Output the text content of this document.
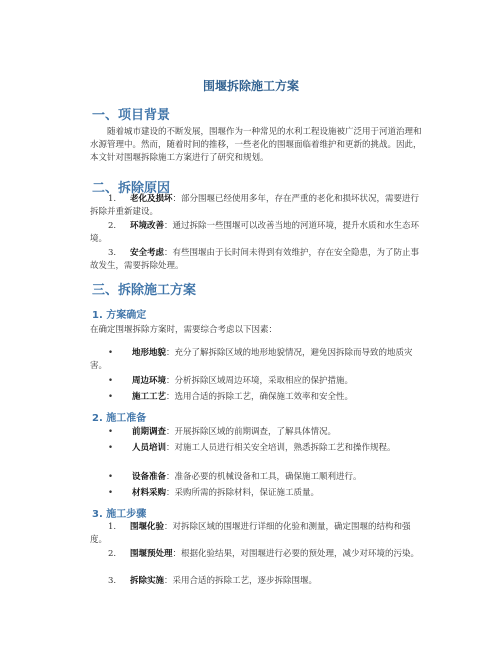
围堰拆除施工方案
一、项目背景
随着城市建设的不断发展，围堰作为一种常见的水利工程设施被广泛用于河道治理和水源管理中。然而，随着时间的推移，一些老化的围堰面临着维护和更新的挑战。因此，本文针对围堰拆除施工方案进行了研究和规划。
二、拆除原因
1. 老化及损坏：部分围堰已经使用多年，存在严重的老化和损坏状况，需要进行拆除并重新建设。
2. 环境改善：通过拆除一些围堰可以改善当地的河道环境，提升水质和水生态环境。
3. 安全考虑：有些围堰由于长时间未得到有效维护，存在安全隐患，为了防止事故发生，需要拆除处理。
三、拆除施工方案
1. 方案确定
在确定围堰拆除方案时，需要综合考虑以下因素：
• 地形地貌：充分了解拆除区域的地形地貌情况，避免因拆除而导致的地质灾害。
• 周边环境：分析拆除区域周边环境，采取相应的保护措施。
• 施工工艺：选用合适的拆除工艺，确保施工效率和安全性。
2. 施工准备
• 前期调查：开展拆除区域的前期调查，了解具体情况。
• 人员培训：对施工人员进行相关安全培训，熟悉拆除工艺和操作规程。
• 设备准备：准备必要的机械设备和工具，确保施工顺利进行。
• 材料采购：采购所需的拆除材料，保证施工质量。
3. 施工步骤
1. 围堰化验：对拆除区域的围堰进行详细的化验和测量，确定围堰的结构和强度。
2. 围堰预处理：根据化验结果，对围堰进行必要的预处理，减少对环境的污染。
3. 拆除实施：采用合适的拆除工艺，逐步拆除围堰。
